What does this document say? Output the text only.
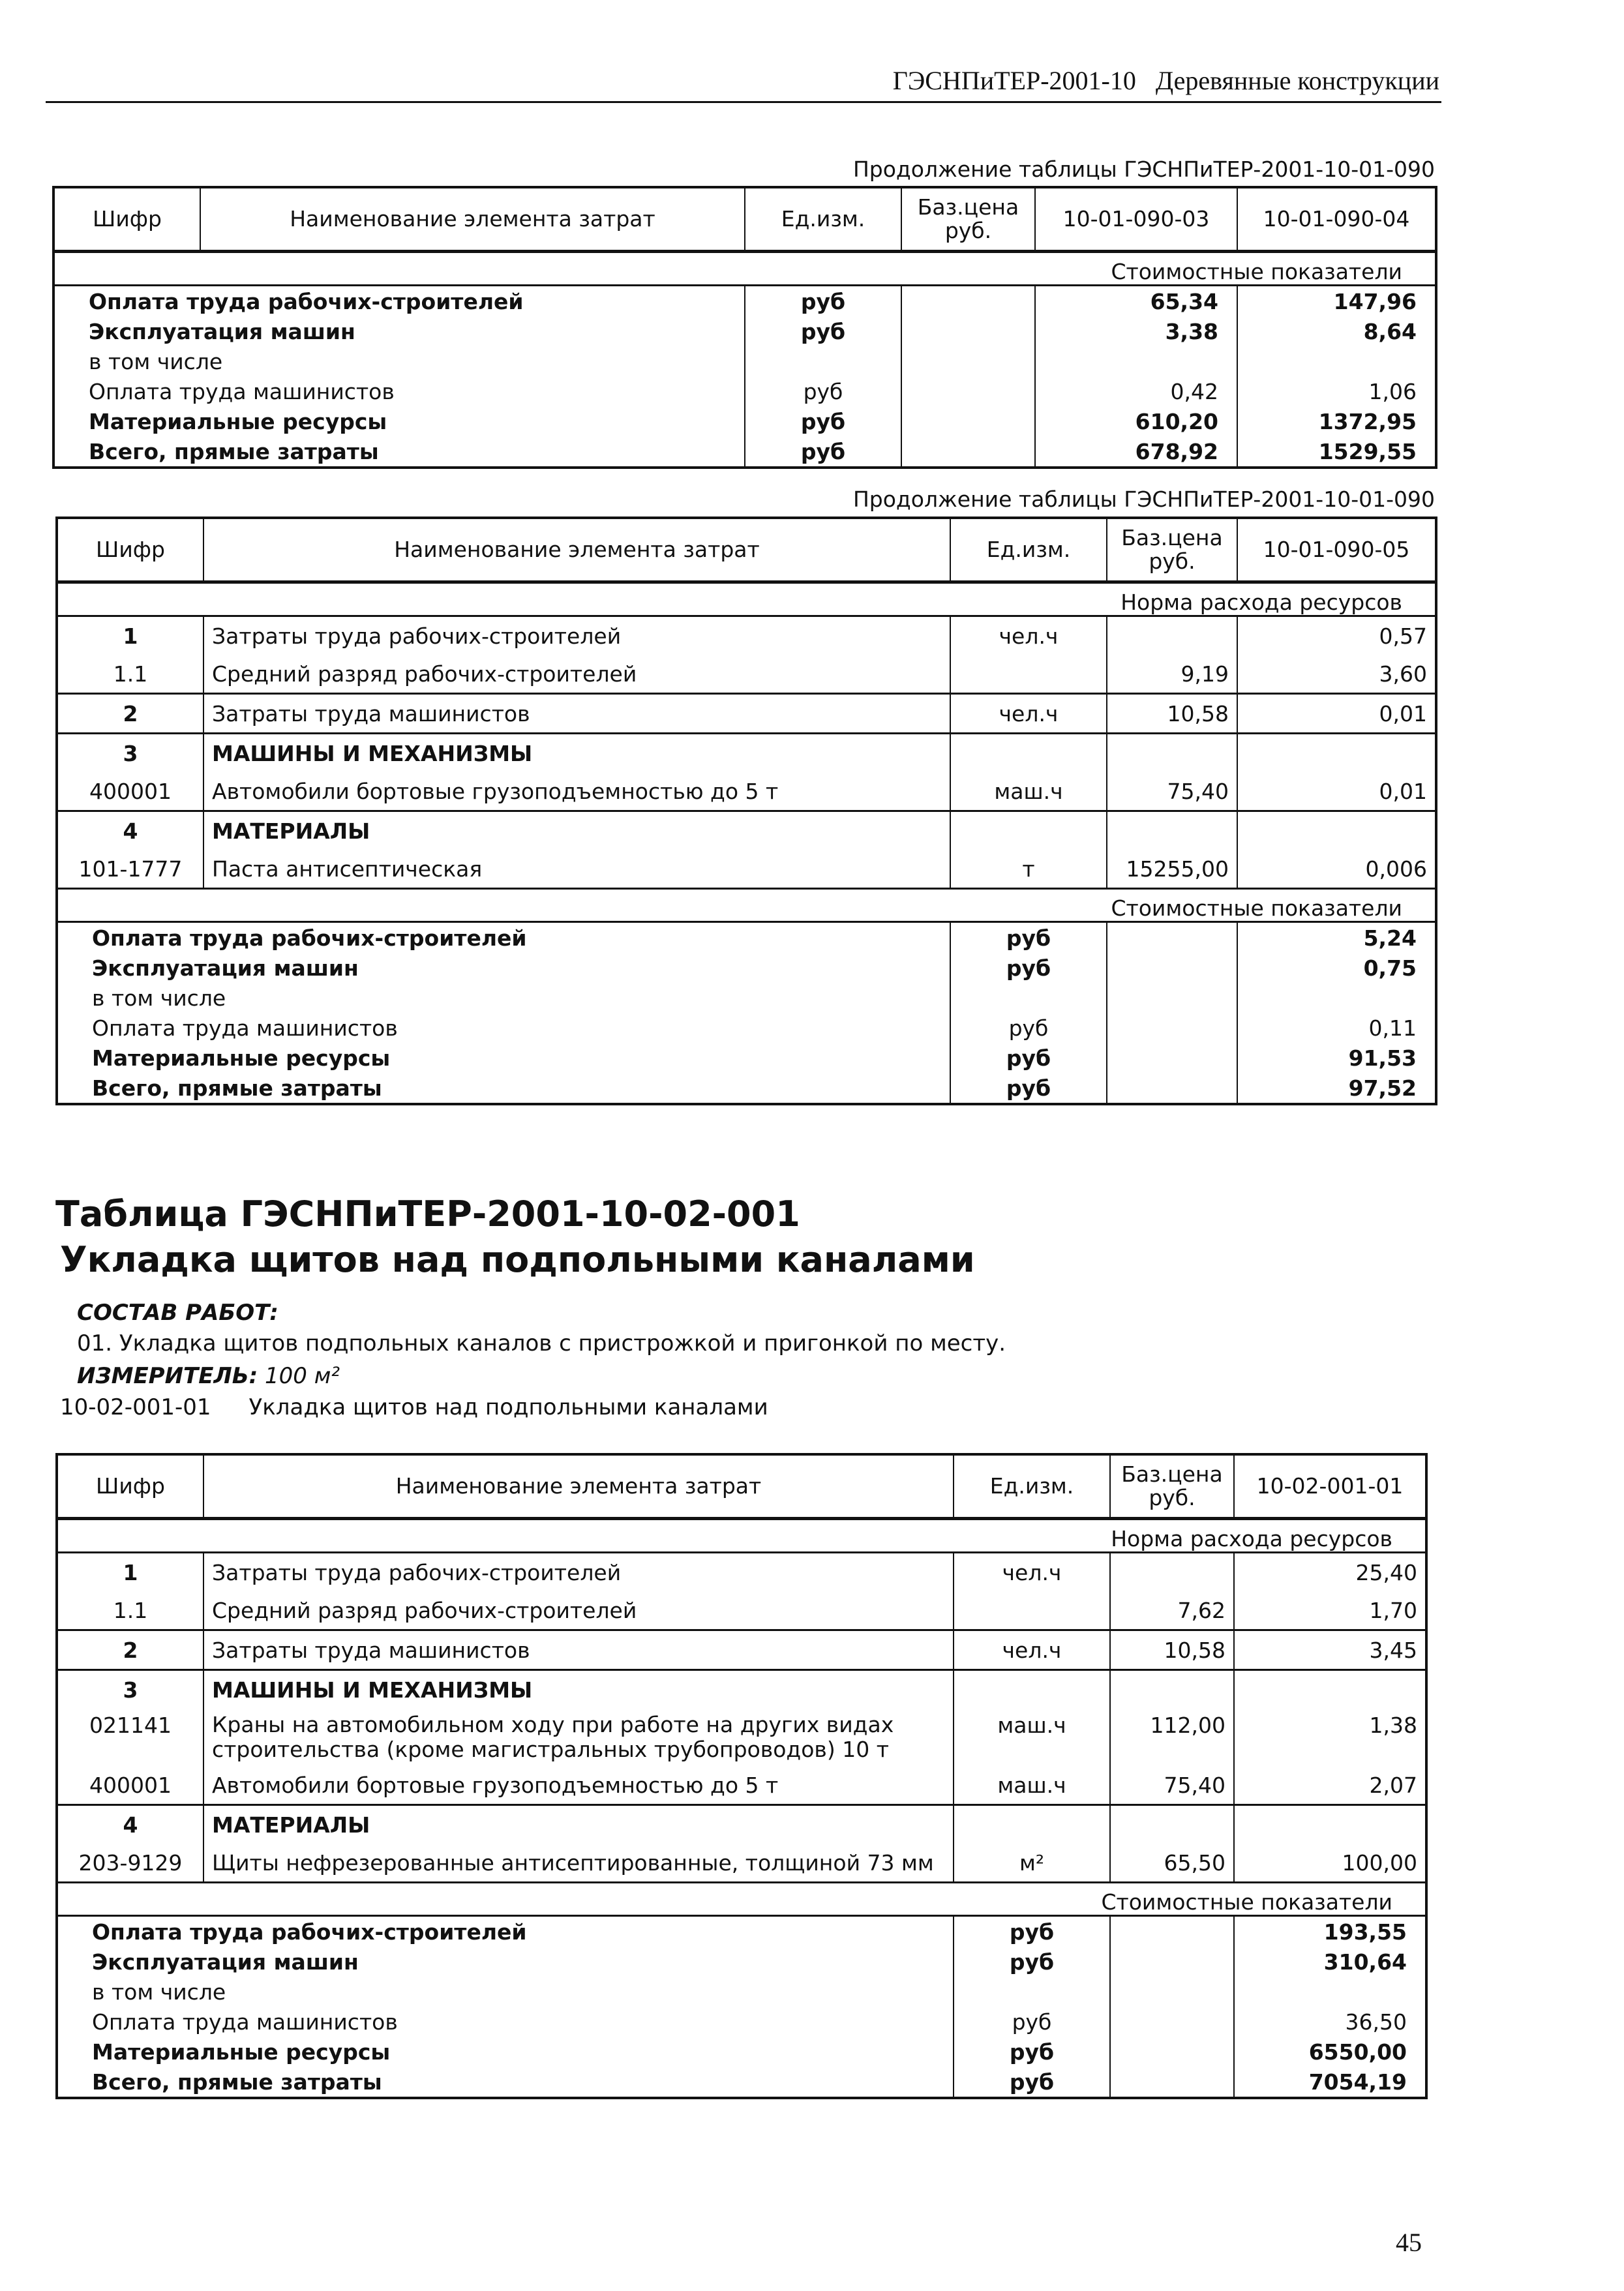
ГЭСНПиТЕР-2001-10   Деревянные конструкции
Продолжение таблицы ГЭСНПиТЕР-2001-10-01-090
Шифр	Наименование элемента затрат	Ед.изм.	Баз.цена руб.	10-01-090-03	10-01-090-04
Стоимостные показатели					
Оплата труда рабочих-строителей		руб		65,34	147,96
Эксплуатация машин		руб		3,38	8,64
в том числе					
Оплата труда машинистов		руб		0,42	1,06
Материальные ресурсы		руб		610,20	1372,95
Всего, прямые затраты		руб		678,92	1529,55
Продолжение таблицы ГЭСНПиТЕР-2001-10-01-090
Шифр	Наименование элемента затрат	Ед.изм.	Баз.цена руб.	10-01-090-05
Норма расхода ресурсов				
1	Затраты труда рабочих-строителей	чел.ч		0,57
1.1	Средний разряд рабочих-строителей		9,19	3,60
2	Затраты труда машинистов	чел.ч	10,58	0,01
3	МАШИНЫ И МЕХАНИЗМЫ			
400001	Автомобили бортовые грузоподъемностью до 5 т	маш.ч	75,40	0,01
4	МАТЕРИАЛЫ			
101-1777	Паста антисептическая	т	15255,00	0,006
Стоимостные показатели				
Оплата труда рабочих-строителей		руб		5,24
Эксплуатация машин		руб		0,75
в том числе				
Оплата труда машинистов		руб		0,11
Материальные ресурсы		руб		91,53
Всего, прямые затраты		руб		97,52
Таблица ГЭСНПиТЕР-2001-10-02-001
Укладка щитов над подпольными каналами
СОСТАВ РАБОТ:
01. Укладка щитов подпольных каналов с пристрожкой и пригонкой по месту.
ИЗМЕРИТЕЛЬ: 100 м²
10-02-001-01 Укладка щитов над подпольными каналами
Шифр	Наименование элемента затрат	Ед.изм.	Баз.цена руб.	10-02-001-01
Норма расхода ресурсов				
1	Затраты труда рабочих-строителей	чел.ч		25,40
1.1	Средний разряд рабочих-строителей		7,62	1,70
2	Затраты труда машинистов	чел.ч	10,58	3,45
3	МАШИНЫ И МЕХАНИЗМЫ			
021141	Краны на автомобильном ходу при работе на других видах строительства (кроме магистральных трубопроводов) 10 т	маш.ч	112,00	1,38
400001	Автомобили бортовые грузоподъемностью до 5 т	маш.ч	75,40	2,07
4	МАТЕРИАЛЫ			
203-9129	Щиты нефрезерованные антисептированные, толщиной 73 мм	м²	65,50	100,00
Стоимостные показатели				
Оплата труда рабочих-строителей		руб		193,55
Эксплуатация машин		руб		310,64
в том числе				
Оплата труда машинистов		руб		36,50
Материальные ресурсы		руб		6550,00
Всего, прямые затраты		руб		7054,19
45
